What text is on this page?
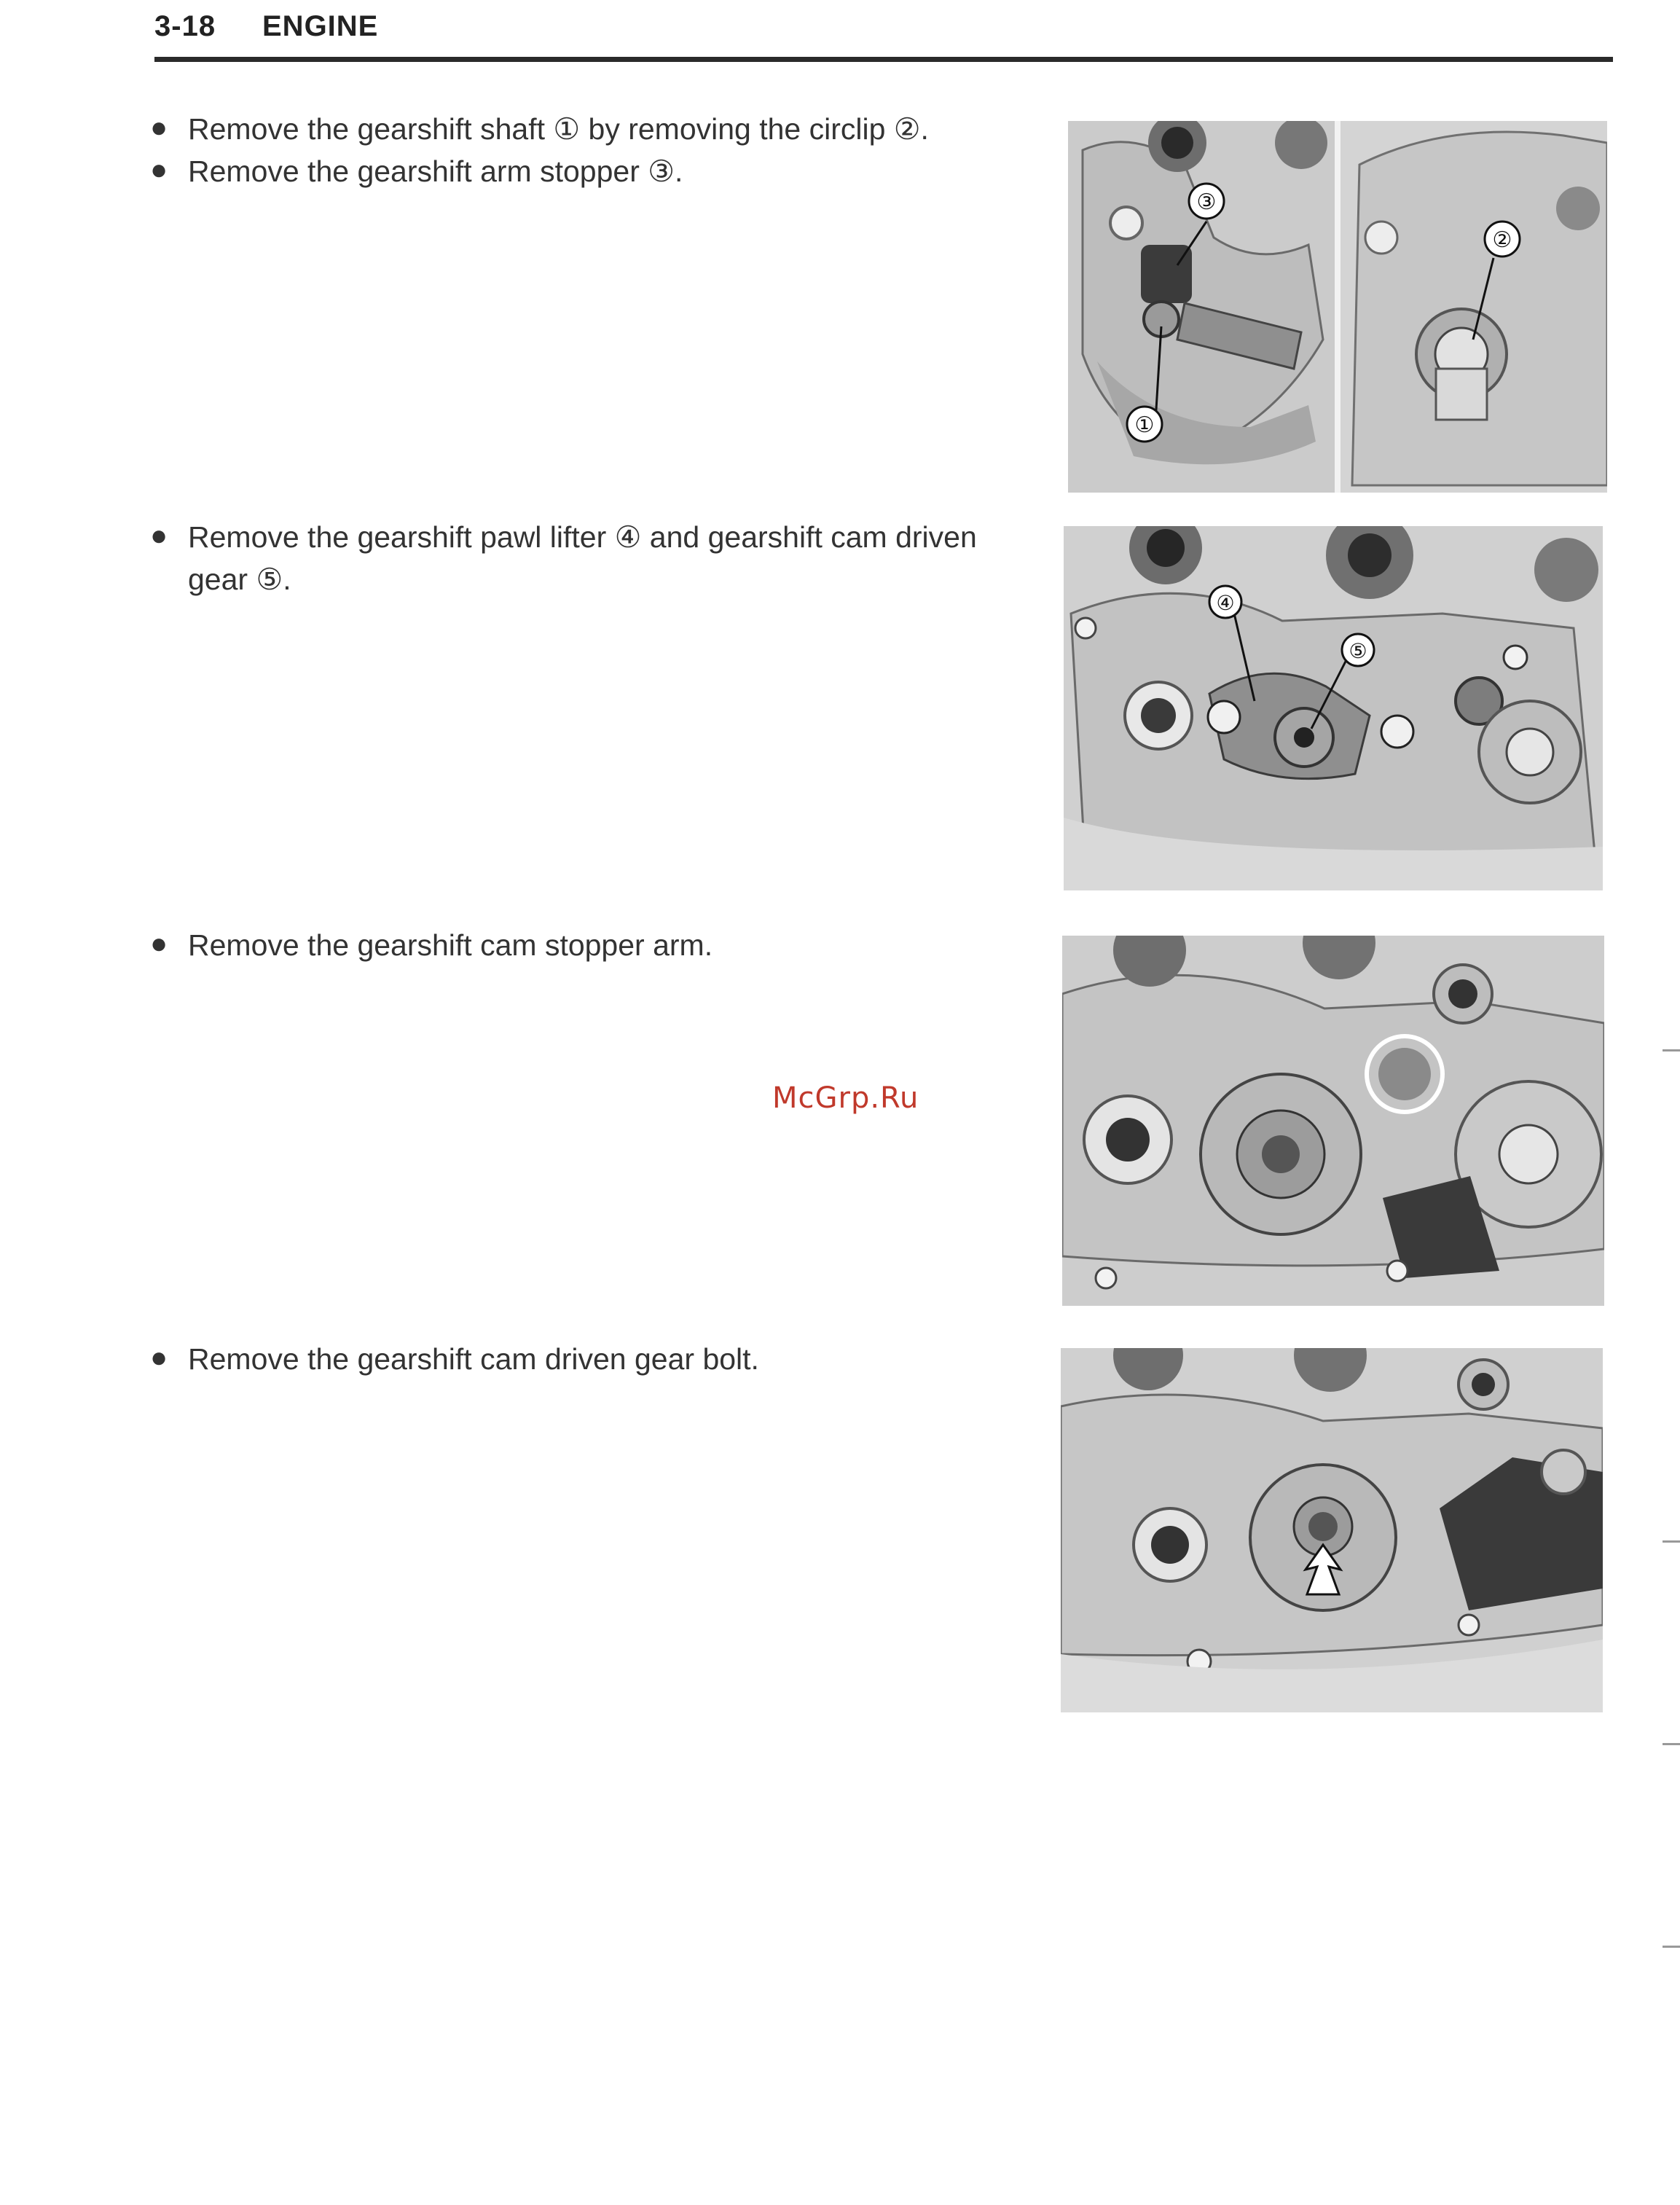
3-18 ENGINE
● Remove the gearshift shaft ① by removing the circlip ②.
● Remove the gearshift arm stopper ③.
● Remove the gearshift pawl lifter ④ and gearshift cam driven
gear ⑤.
● Remove the gearshift cam stopper arm.
● Remove the gearshift cam driven gear bolt.
③
①
②
④
⑤
McGrp.Ru
